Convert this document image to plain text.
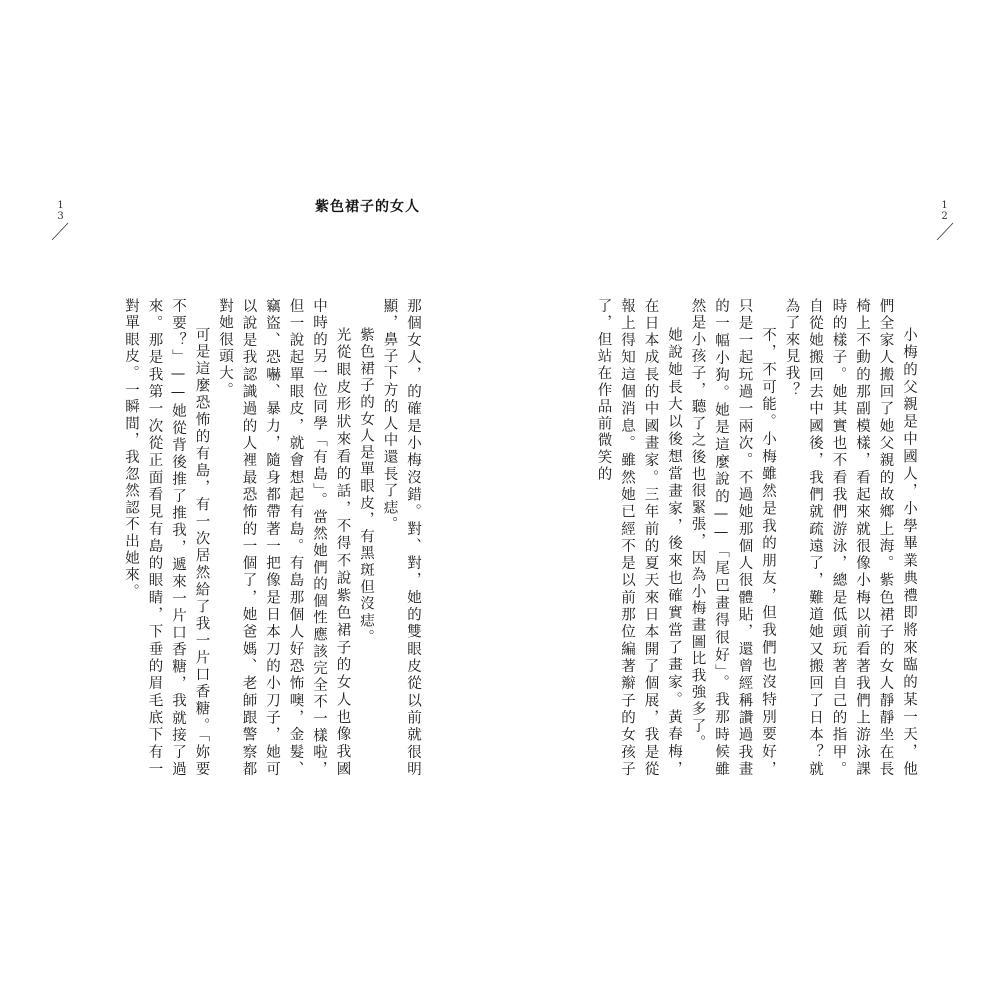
12
13	紫色裙子的女人

小梅的父親是中國人，小學畢業典禮即將來臨的某一天，他們全家人搬回了她父親的故鄉上海。紫色裙子的女人靜靜坐在長椅上不動的那副模樣，看起來就很像小梅以前看著我們上游泳課時的樣子。她其實也不看我們游泳，總是低頭玩著自己的指甲。自從她搬回去中國後，我們就疏遠了，難道她又搬回了日本？就為了來見我？

不，不可能。小梅雖然是我的朋友，但我們也沒特別要好，只是一起玩過一兩次。不過她那個人很體貼，還曾經稱讚過我畫的一幅小狗。她是這麼說的——「尾巴畫得很好」。我那時候雖然是小孩子，聽了之後也很緊張，因為小梅畫圖比我強多了。

她說她長大以後想當畫家，後來也確實當了畫家。黃春梅，在日本成長的中國畫家。三年前的夏天來日本開了個展，我是從報上得知這個消息。雖然她已經不是以前那位編著辮子的女孩子了，但站在作品前微笑的

那個女人，的確是小梅沒錯。對、對，她的雙眼皮從以前就很明顯，鼻子下方的人中還長了痣。

紫色裙子的女人是單眼皮，有黑斑但沒痣。

光從眼皮形狀來看的話，不得不說紫色裙子的女人也像我國中時的另一位同學「有島」。當然她們的個性應該完全不一樣啦，但一說起單眼皮，就會想起有島。有島那個人好恐怖噢，金髮、竊盜、恐嚇、暴力，隨身都帶著一把像是日本刀的小刀子，她可以說是我認識過的人裡最恐怖的一個了，她爸媽、老師跟警察都對她很頭大。

可是這麼恐怖的有島，有一次居然給了我一片口香糖。「妳要不要？」——她從背後推了推我，遞來一片口香糖，我就接了過來。那是我第一次從正面看見有島的眼睛，下垂的眉毛底下有一對單眼皮。一瞬間，我忽然認不出她來。
